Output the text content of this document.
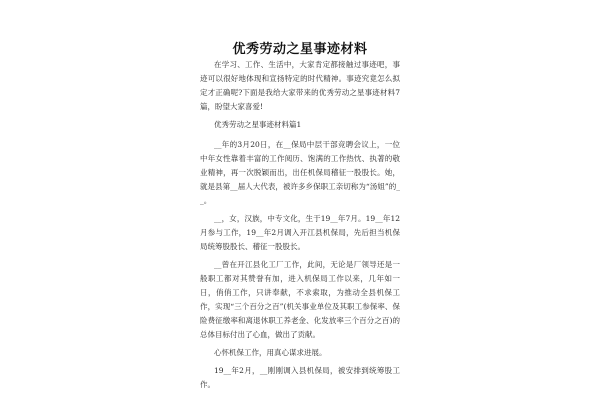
优秀劳动之星事迹材料

在学习、工作、生活中，大家肯定都接触过事迹吧，事迹可以很好地体现和宣扬特定的时代精神。事迹究竟怎么拟定才正确呢?下面是我给大家带来的优秀劳动之星事迹材料7篇，盼望大家喜爱!

优秀劳动之星事迹材料篇1

__年的3月20日，在__保局中层干部竞聘会议上，一位中年女性靠着丰富的工作阅历、饱满的工作热忱、执著的敬业精神，再一次脱颖而出，出任机保局稽征一股股长。她，就是县第__届人大代表，被许多乡保职工亲切称为“汤姐”的__。

__，女，汉族，中专文化，生于19__年7月。19__年12月参与工作，19__年2月调入开江县机保局，先后担当机保局统筹股股长、稽征一股股长。

__曾在开江县化工厂工作，此间，无论是厂领导还是一般职工都对其赞誉有加，进入机保局工作以来，几年如一日，俏俏工作，只讲奉献，不求索取，为推动全县机保工作，实现“三个百分之百”(机关事业单位及其职工参保率、保险费征缴率和离退休职工养老金、化发放率三个百分之百)的总体目标付出了心血，做出了贡献。

心怀机保工作，用真心谋求进展。

19__年2月，__刚刚调入县机保局，被安排到统筹股工作。
